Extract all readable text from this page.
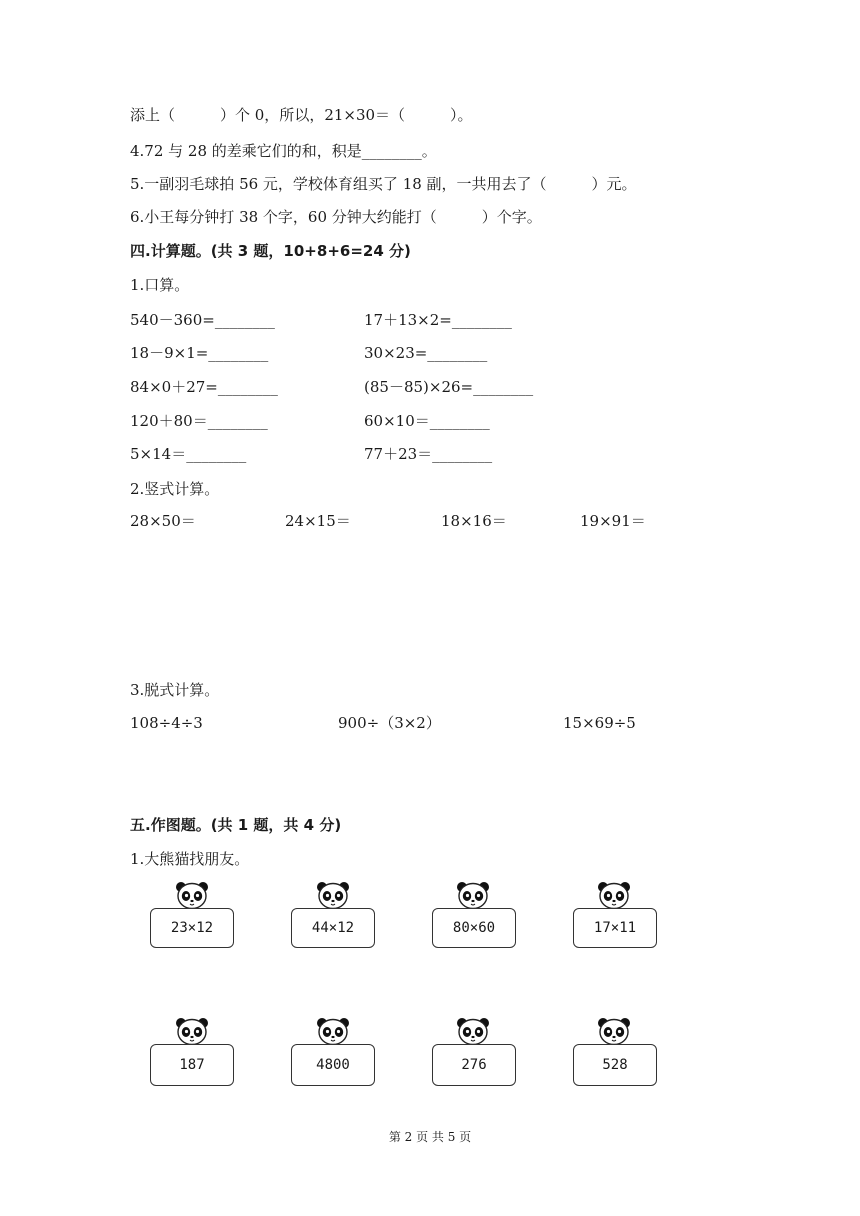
添上（　　　）个 0，所以，21×30＝（　　　）。
4.72 与 28 的差乘它们的和，积是________。
5.一副羽毛球拍 56 元，学校体育组买了 18 副，一共用去了（　　　）元。
6.小王每分钟打 38 个字，60 分钟大约能打（　　　）个字。
四.计算题。(共 3 题，10+8+6=24 分)
1.口算。
540－360=________	17＋13×2=________
18－9×1=________	30×23=________
84×0＋27=________	(85－85)×26=________
120＋80＝________	60×10＝________
5×14＝________	77＋23＝________
2.竖式计算。
28×50＝	24×15＝	18×16＝	19×91＝
3.脱式计算。
108÷4÷3	900÷（3×2）	15×69÷5
五.作图题。(共 1 题，共 4 分)
1.大熊猫找朋友。
23×12	44×12	80×60	17×11
187	4800	276	528
第 2 页 共 5 页
